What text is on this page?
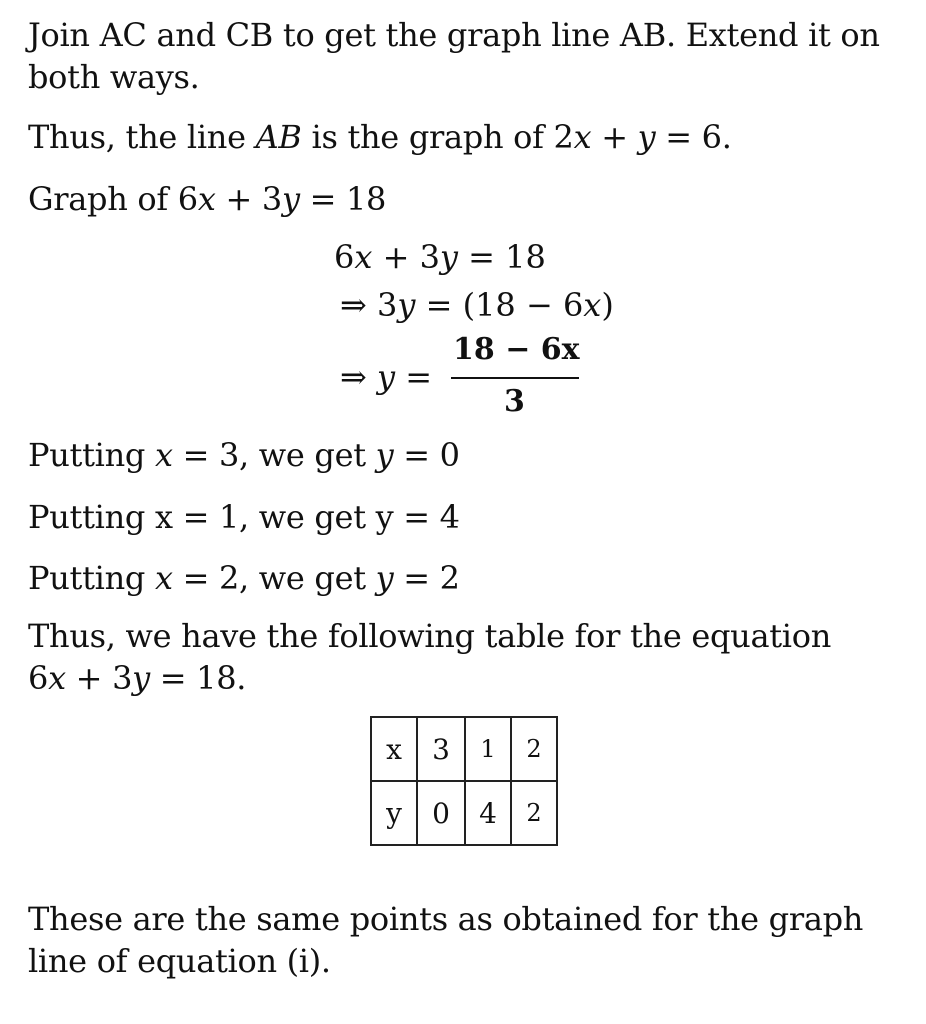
Join AC and CB to get the graph line AB. Extend it on

both ways.

Thus, the line AB is the graph of 2x + y = 6.

Graph of 6x + 3y = 18

6x + 3y = 18
⇒ 3y = (18 − 6x)
⇒ y =
18 − 6x
3

Putting x = 3, we get y = 0

Putting x = 1, we get y = 4

Putting x = 2, we get y = 2

Thus, we have the following table for the equation

6x + 3y = 18.

x	3	1	2
y	0	4	2

These are the same points as obtained for the graph

line of equation (i).
